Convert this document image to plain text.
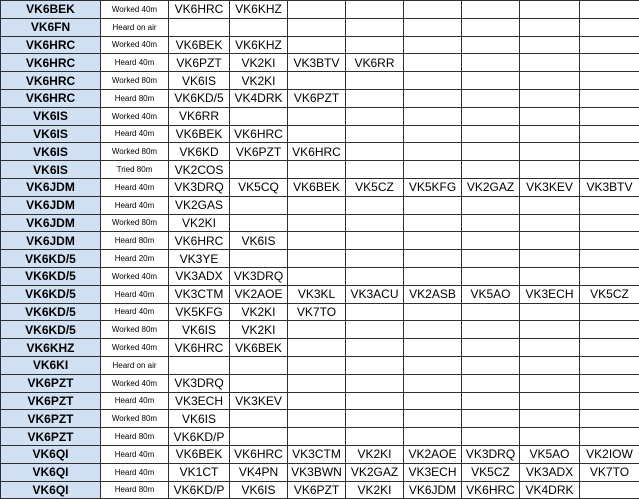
VK6BEK	Worked 40m	VK6HRC	VK6KHZ						
VK6FN	Heard on air								
VK6HRC	Worked 40m	VK6BEK	VK6KHZ						
VK6HRC	Heard 40m	VK6PZT	VK2KI	VK3BTV	VK6RR				
VK6HRC	Worked 80m	VK6IS	VK2KI						
VK6HRC	Heard 80m	VK6KD/5	VK4DRK	VK6PZT					
VK6IS	Worked 40m	VK6RR							
VK6IS	Heard 40m	VK6BEK	VK6HRC						
VK6IS	Worked 80m	VK6KD	VK6PZT	VK6HRC					
VK6IS	Tried 80m	VK2COS							
VK6JDM	Heard 40m	VK3DRQ	VK5CQ	VK6BEK	VK5CZ	VK5KFG	VK2GAZ	VK3KEV	VK3BTV
VK6JDM	Heard 40m	VK2GAS							
VK6JDM	Worked 80m	VK2KI							
VK6JDM	Heard 80m	VK6HRC	VK6IS						
VK6KD/5	Heard 20m	VK3YE							
VK6KD/5	Worked 40m	VK3ADX	VK3DRQ						
VK6KD/5	Heard 40m	VK3CTM	VK2AOE	VK3KL	VK3ACU	VK2ASB	VK5AO	VK3ECH	VK5CZ
VK6KD/5	Heard 40m	VK5KFG	VK2KI	VK7TO					
VK6KD/5	Worked 80m	VK6IS	VK2KI						
VK6KHZ	Worked 40m	VK6HRC	VK6BEK						
VK6KI	Heard on air								
VK6PZT	Worked 40m	VK3DRQ							
VK6PZT	Heard 40m	VK3ECH	VK3KEV						
VK6PZT	Worked 80m	VK6IS							
VK6PZT	Heard 80m	VK6KD/P							
VK6QI	Heard 40m	VK6BEK	VK6HRC	VK3CTM	VK2KI	VK2AOE	VK3DRQ	VK5AO	VK2IOW
VK6QI	Heard 40m	VK1CT	VK4PN	VK3BWN	VK2GAZ	VK3ECH	VK5CZ	VK3ADX	VK7TO
VK6QI	Heard 80m	VK6KD/P	VK6IS	VK6PZT	VK2KI	VK6JDM	VK6HRC	VK4DRK	
